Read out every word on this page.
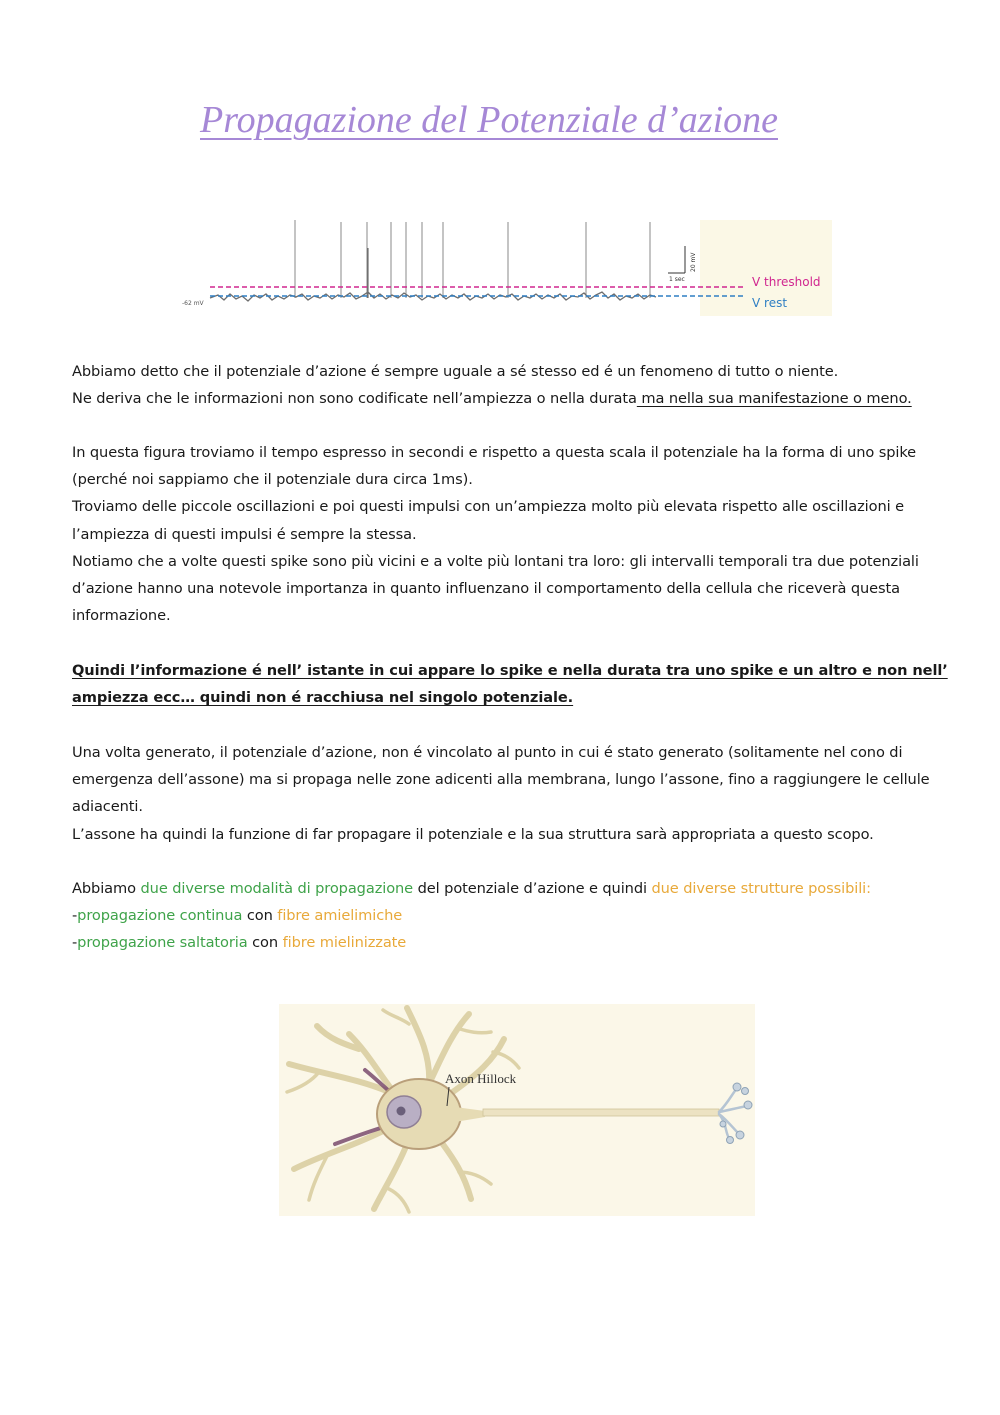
Propagazione del Potenziale d’azione
1 sec
20 mV
-62 mV
V threshold
V rest

Abbiamo detto che il potenziale d’azione é sempre uguale a sé stesso ed é un fenomeno di tutto o niente.

Ne deriva che le informazioni non sono codificate nell’ampiezza o nella durata ma nella sua manifestazione o meno.

In questa figura troviamo il tempo espresso in secondi e rispetto a questa scala il potenziale ha la forma di uno spike

(perché noi sappiamo che il potenziale dura circa 1ms).

Troviamo delle piccole oscillazioni e poi questi impulsi con un’ampiezza molto più elevata rispetto alle oscillazioni e

l’ampiezza di questi impulsi é sempre la stessa.

Notiamo che a volte questi spike sono più vicini e a volte più lontani tra loro: gli intervalli temporali tra due potenziali

d’azione hanno una notevole importanza in quanto influenzano il comportamento della cellula che riceverà questa

informazione.

Quindi l’informazione é nell’ istante in cui appare lo spike e nella durata tra uno spike e un altro e non nell’

ampiezza ecc… quindi non é racchiusa nel singolo potenziale.

Una volta generato, il potenziale d’azione, non é vincolato al punto in cui é stato generato (solitamente nel cono di

emergenza dell’assone) ma si propaga nelle zone adicenti alla membrana, lungo l’assone, fino a raggiungere le cellule

adiacenti.

L’assone ha quindi la funzione di far propagare il potenziale e la sua struttura sarà appropriata a questo scopo.

Abbiamo due diverse modalità di propagazione del potenziale d’azione e quindi due diverse strutture possibili:

-propagazione continua con fibre amielimiche

-propagazione saltatoria con fibre mielinizzate

Axon Hillock
